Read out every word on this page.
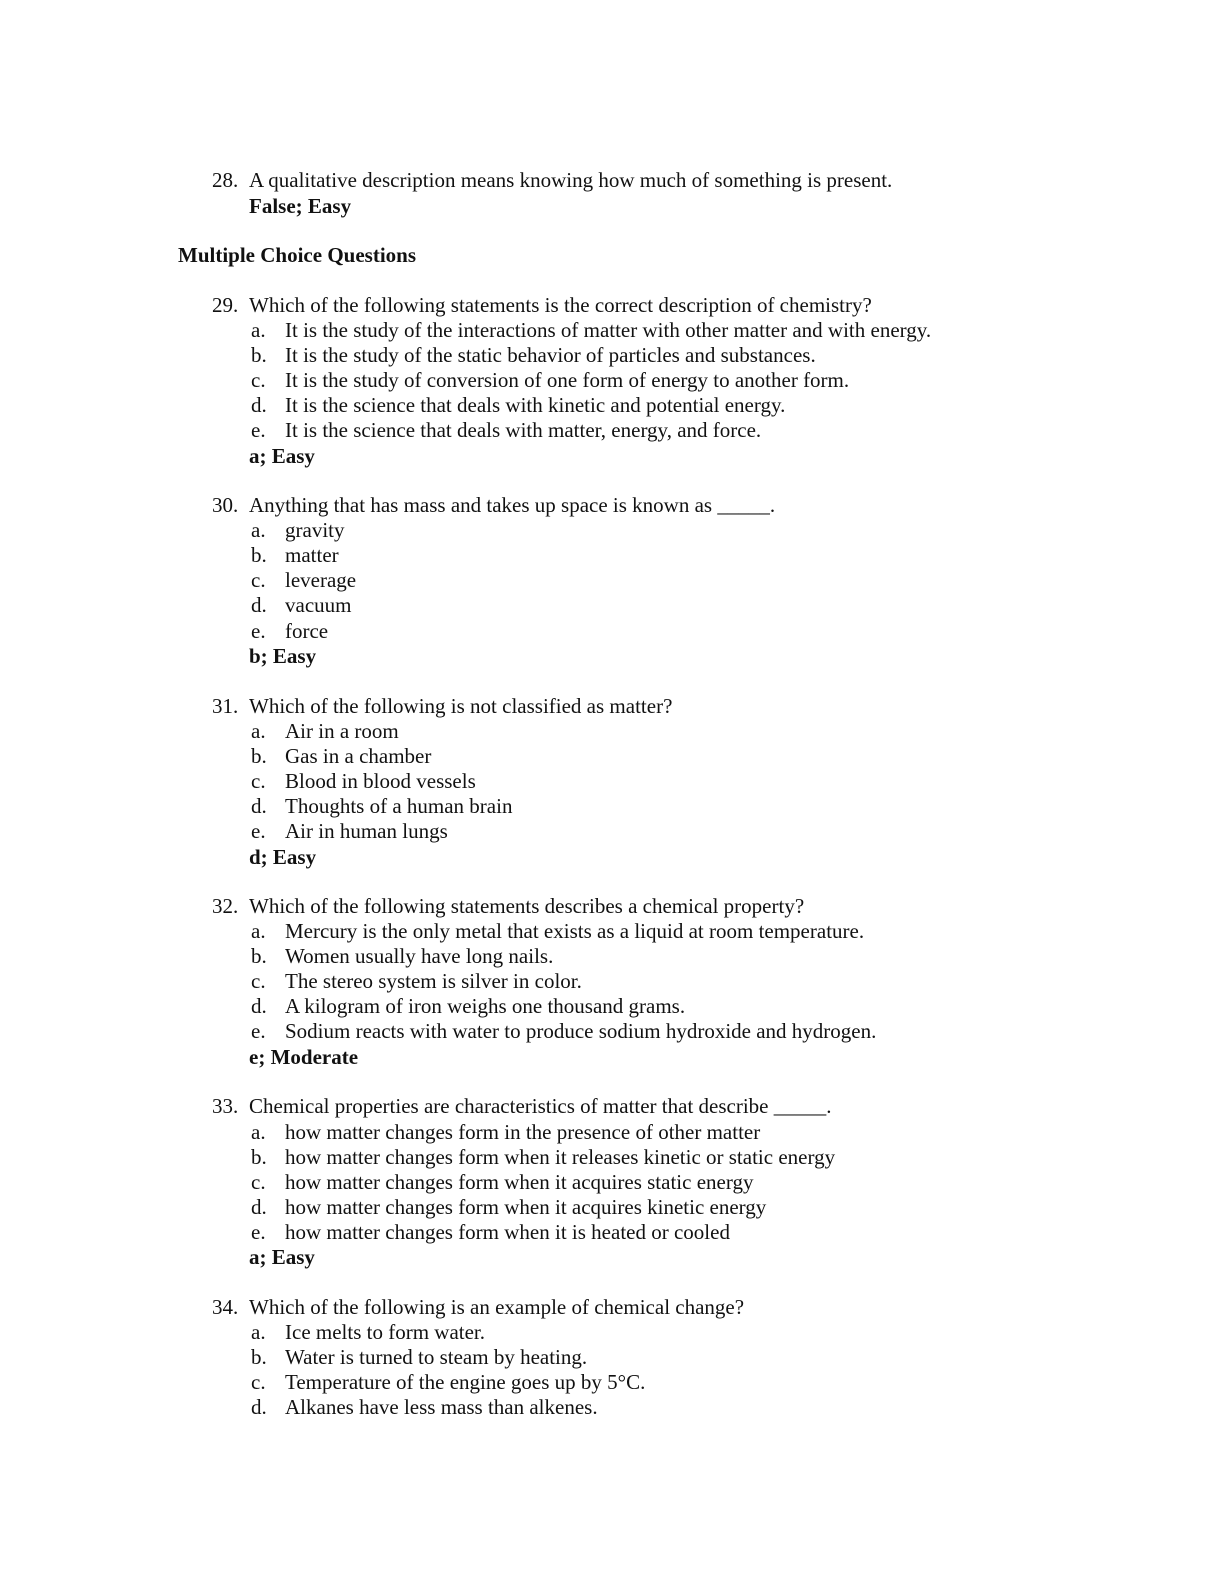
28. A qualitative description means knowing how much of something is present.
False; Easy
Multiple Choice Questions
29. Which of the following statements is the correct description of chemistry?
a. It is the study of the interactions of matter with other matter and with energy.
b. It is the study of the static behavior of particles and substances.
c. It is the study of conversion of one form of energy to another form.
d. It is the science that deals with kinetic and potential energy.
e. It is the science that deals with matter, energy, and force.
a; Easy
30. Anything that has mass and takes up space is known as _____.
a. gravity
b. matter
c. leverage
d. vacuum
e. force
b; Easy
31. Which of the following is not classified as matter?
a. Air in a room
b. Gas in a chamber
c. Blood in blood vessels
d. Thoughts of a human brain
e. Air in human lungs
d; Easy
32. Which of the following statements describes a chemical property?
a. Mercury is the only metal that exists as a liquid at room temperature.
b. Women usually have long nails.
c. The stereo system is silver in color.
d. A kilogram of iron weighs one thousand grams.
e. Sodium reacts with water to produce sodium hydroxide and hydrogen.
e; Moderate
33. Chemical properties are characteristics of matter that describe _____.
a. how matter changes form in the presence of other matter
b. how matter changes form when it releases kinetic or static energy
c. how matter changes form when it acquires static energy
d. how matter changes form when it acquires kinetic energy
e. how matter changes form when it is heated or cooled
a; Easy
34. Which of the following is an example of chemical change?
a. Ice melts to form water.
b. Water is turned to steam by heating.
c. Temperature of the engine goes up by 5°C.
d. Alkanes have less mass than alkenes.
